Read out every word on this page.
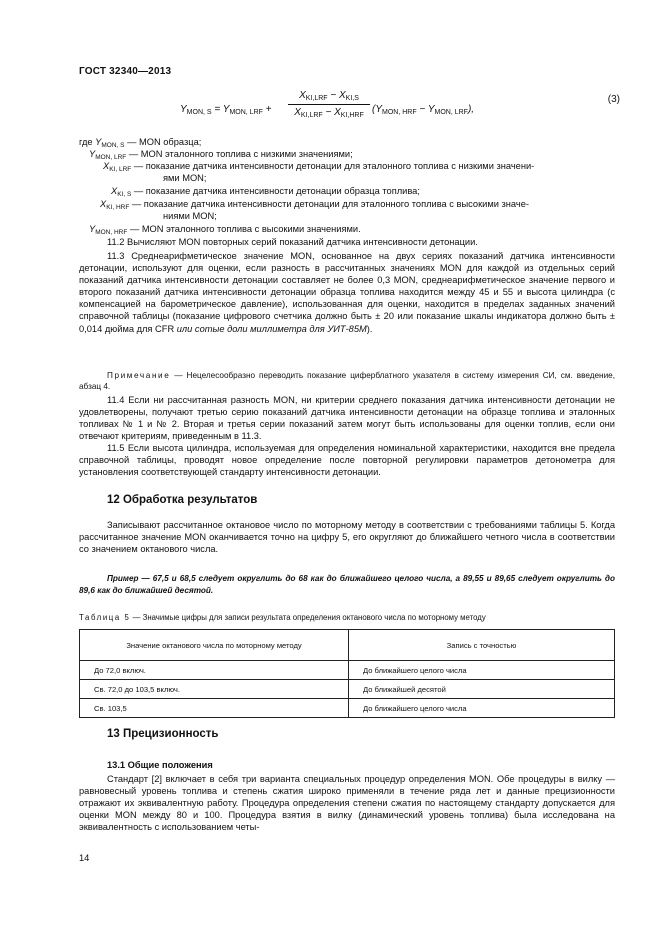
ГОСТ 32340—2013
$Y_{MON, S} = Y_{MON, LRF}$ +
$X_{KI,LRF} - X_{KI,S}$
$X_{KI,LRF} - X_{KI,HRF}$
$(Y_{MON, HRF} - Y_{MON, LRF})$,
(3)
где $Y_{MON, S}$ — MON образца;
$Y_{MON, LRF}$ — MON эталонного топлива с низкими значениями;
$X_{KI, LRF}$ — показание датчика интенсивности детонации для эталонного топлива с низкими значени-
ями MON;
$X_{KI, S}$ — показание датчика интенсивности детонации образца топлива;
$X_{KI, HRF}$ — показание датчика интенсивности детонации для эталонного топлива с высокими значе-
ниями MON;
$Y_{MON, HRF}$ — MON эталонного топлива с высокими значениями.
11.2 Вычисляют MON повторных серий показаний датчика интенсивности детонации.
11.3 Среднеарифметическое значение MON, основанное на двух сериях показаний датчика интенсивности детонации, используют для оценки, если разность в рассчитанных значениях MON для каждой из отдельных серий показаний датчика интенсивности детонации составляет не более 0,3 MON, среднеарифметическое значение первого и второго показаний датчика интенсивности детонации образца топлива находится между 45 и 55 и высота цилиндра (с компенсацией на барометрическое давление), использованная для оценки, находится в пределах заданных значений справочной таблицы (показание цифрового счетчика должно быть ± 20 или показание шкалы индикатора должно быть ± 0,014 дюйма для CFR или сотые доли миллиметра для УИТ-85М).
Примечание — Нецелесообразно переводить показание циферблатного указателя в систему измерения СИ, см. введение, абзац 4.
11.4 Если ни рассчитанная разность MON, ни критерии среднего показания датчика интенсивности детонации не удовлетворены, получают третью серию показаний датчика интенсивности детонации на образце топлива и эталонных топливах № 1 и № 2. Вторая и третья серии показаний затем могут быть использованы для оценки топлив, если они отвечают критериям, приведенным в 11.3.
11.5 Если высота цилиндра, используемая для определения номинальной характеристики, находится вне предела справочной таблицы, проводят новое определение после повторной регулировки параметров детонометра для установления соответствующей стандарту интенсивности детонации.
12 Обработка результатов
Записывают рассчитанное октановое число по моторному методу в соответствии с требованиями таблицы 5. Когда рассчитанное значение MON оканчивается точно на цифру 5, его округляют до ближайшего четного числа в соответствии со значением октанового числа.
Пример — 67,5 и 68,5 следует округлить до 68 как до ближайшего целого числа, а 89,55 и 89,65 следует округлить до 89,6 как до ближайшей десятой.
Таблица 5 — Значимые цифры для записи результата определения октанового числа по моторному методу
Значение октанового числа по моторному методу	Запись с точностью
До 72,0 включ.	До ближайшего целого числа
Св. 72,0 до 103,5 включ.	До ближайшей десятой
Св. 103,5	До ближайшего целого числа
13 Прецизионность
13.1 Общие положения
Стандарт [2] включает в себя три варианта специальных процедур определения MON. Обе процедуры в вилку — равновесный уровень топлива и степень сжатия широко применяли в течение ряда лет и данные прецизионности отражают их эквивалентную работу. Процедура определения степени сжатия по настоящему стандарту допускается для оценки MON между 80 и 100. Процедура взятия в вилку (динамический уровень топлива) была исследована на эквивалентность с использованием четы-
14
